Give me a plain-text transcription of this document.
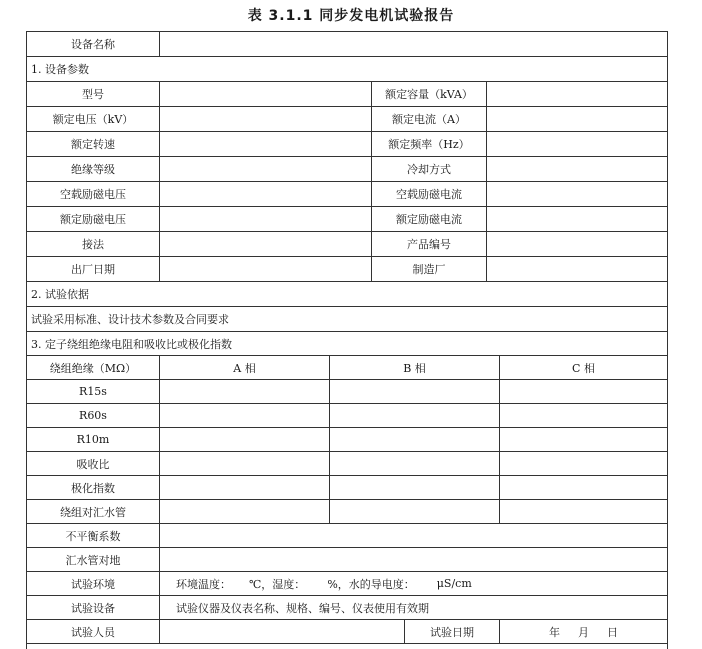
表 3.1.1 同步发电机试验报告
设备名称
1. 设备参数
型号	额定容量（kVA）
额定电压（kV）	额定电流（A）
额定转速	额定频率（Hz）
绝缘等级	冷却方式
空载励磁电压	空载励磁电流
额定励磁电压	额定励磁电流
接法	产品编号
出厂日期	制造厂
2. 试验依据
试验采用标准、设计技术参数及合同要求
3. 定子绕组绝缘电阻和吸收比或极化指数
绕组绝缘（MΩ）	A 相	B 相	C 相
R15s
R60s
R10m
吸收比
极化指数
绕组对汇水管
不平衡系数
汇水管对地
试验环境	环境温度： ℃，湿度： %，水的导电度： μS/cm
试验设备	试验仪器及仪表名称、规格、编号、仪表使用有效期
试验人员	试验日期	年 月 日
